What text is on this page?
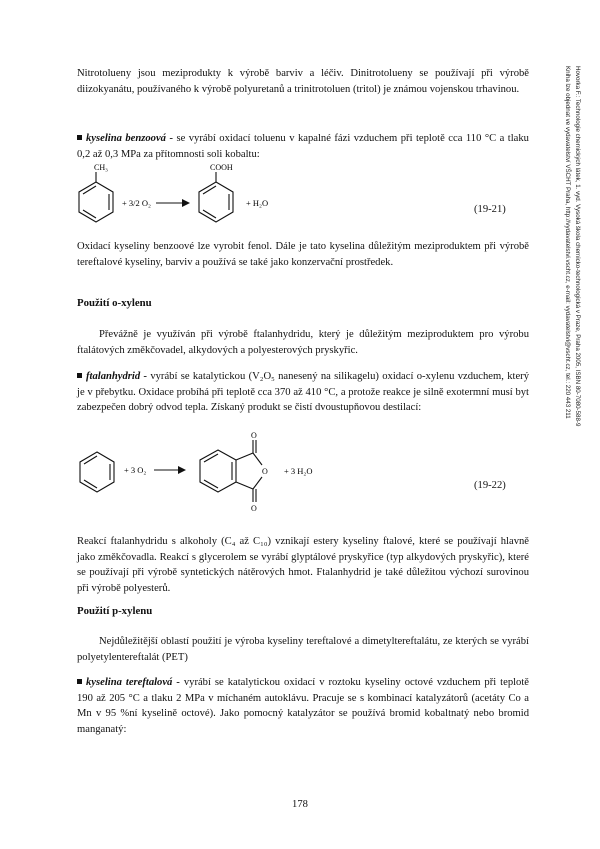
Hovorka F.: Technologie chemických látek, 1. vyd. Vysoká škola chemicko-technologická v Praze, Praha 2005, ISBN 80-7080-588-9
Kniha lze objednat ve vydavatelství VŠCHT Praha, http://vydavatelstvi.vscht.cz, e-mail: vydavatelstvi@vscht.cz, tel.: 220 443 211

Nitrotolueny jsou meziprodukty k výrobě barviv a léčiv. Dinitrotolueny se používají při výrobě diizokyanátu, používaného k výrobě polyuretanů a trinitrotoluen (tritol) je známou vojenskou trhavinou.

kyselina benzoová - se vyrábí oxidací toluenu v kapalné fázi vzduchem při teplotě cca 110 °C a tlaku 0,2 až 0,3 MPa za přítomnosti soli kobaltu:

CH₃
+ 3/2 O₂
COOH
+ H₂O
(19-21)

Oxidací kyseliny benzoové lze vyrobit fenol. Dále je tato kyselina důležitým meziproduktem při výrobě tereftalové kyseliny, barviv a používá se také jako konzervační prostředek.

Použití o-xylenu

Převážně je využíván při výrobě ftalanhydridu, který je důležitým meziproduktem pro výrobu ftalátových změkčovadel, alkydových a polyesterových pryskyřic.

ftalanhydrid - vyrábí se katalytickou (V₂O₅ nanesený na silikagelu) oxidací o-xylenu vzduchem, který je v přebytku. Oxidace probíhá při teplotě cca 370 až 410 °C, a protože reakce je silně exotermní musí byt zabezpečen dobrý odvod tepla. Získaný produkt se čistí dvoustupňovou destilací:

+ 3 O₂
O
O
O
+ 3 H₂O
(19-22)

Reakcí ftalanhydridu s alkoholy (C₄ až C₁₀) vznikají estery kyseliny ftalové, které se používají hlavně jako změkčovadla. Reakcí s glycerolem se vyrábí glyptálové pryskyřice (typ alkydových pryskyřic), které se používají při výrobě syntetických nátěrových hmot. Ftalanhydrid je také důležitou výchozí surovinou při výrobě polyesterů.

Použití p-xylenu

Nejdůležitější oblastí použití je výroba kyseliny tereftalové a dimetyltereftalátu, ze kterých se vyrábí polyetylentereftalát (PET)

kyselina tereftalová - vyrábí se katalytickou oxidací v roztoku kyseliny octové vzduchem při teplotě 190 až 205 °C a tlaku 2 MPa v míchaném autoklávu. Pracuje se s kombinací katalyzátorů (acetáty Co a Mn v 95 %ní kyselině octové). Jako pomocný katalyzátor se používá bromid kobaltnatý nebo bromid manganatý:

178
